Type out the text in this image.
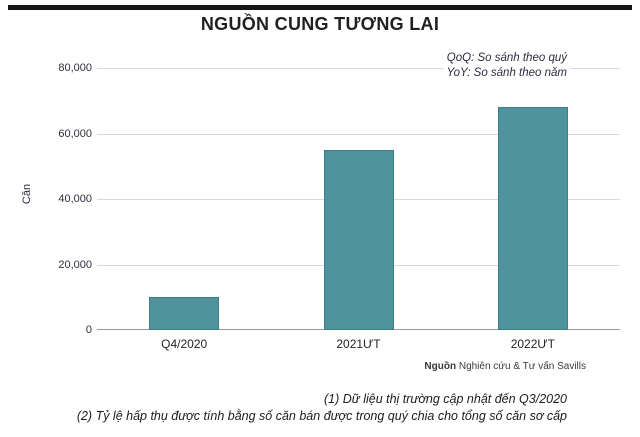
NGUỒN CUNG TƯƠNG LAI
QoQ: So sánh theo quý
YoY: So sánh theo năm
Căn
0
20,000
40,000
60,000
80,000
Q4/2020	2021ƯT	2022ƯT
Nguồn Nghiên cứu & Tư vấn Savills
(1) Dữ liệu thị trường cập nhật đến Q3/2020
(2) Tỷ lệ hấp thụ được tính bằng số căn bán được trong quý chia cho tổng số căn sơ cấp
